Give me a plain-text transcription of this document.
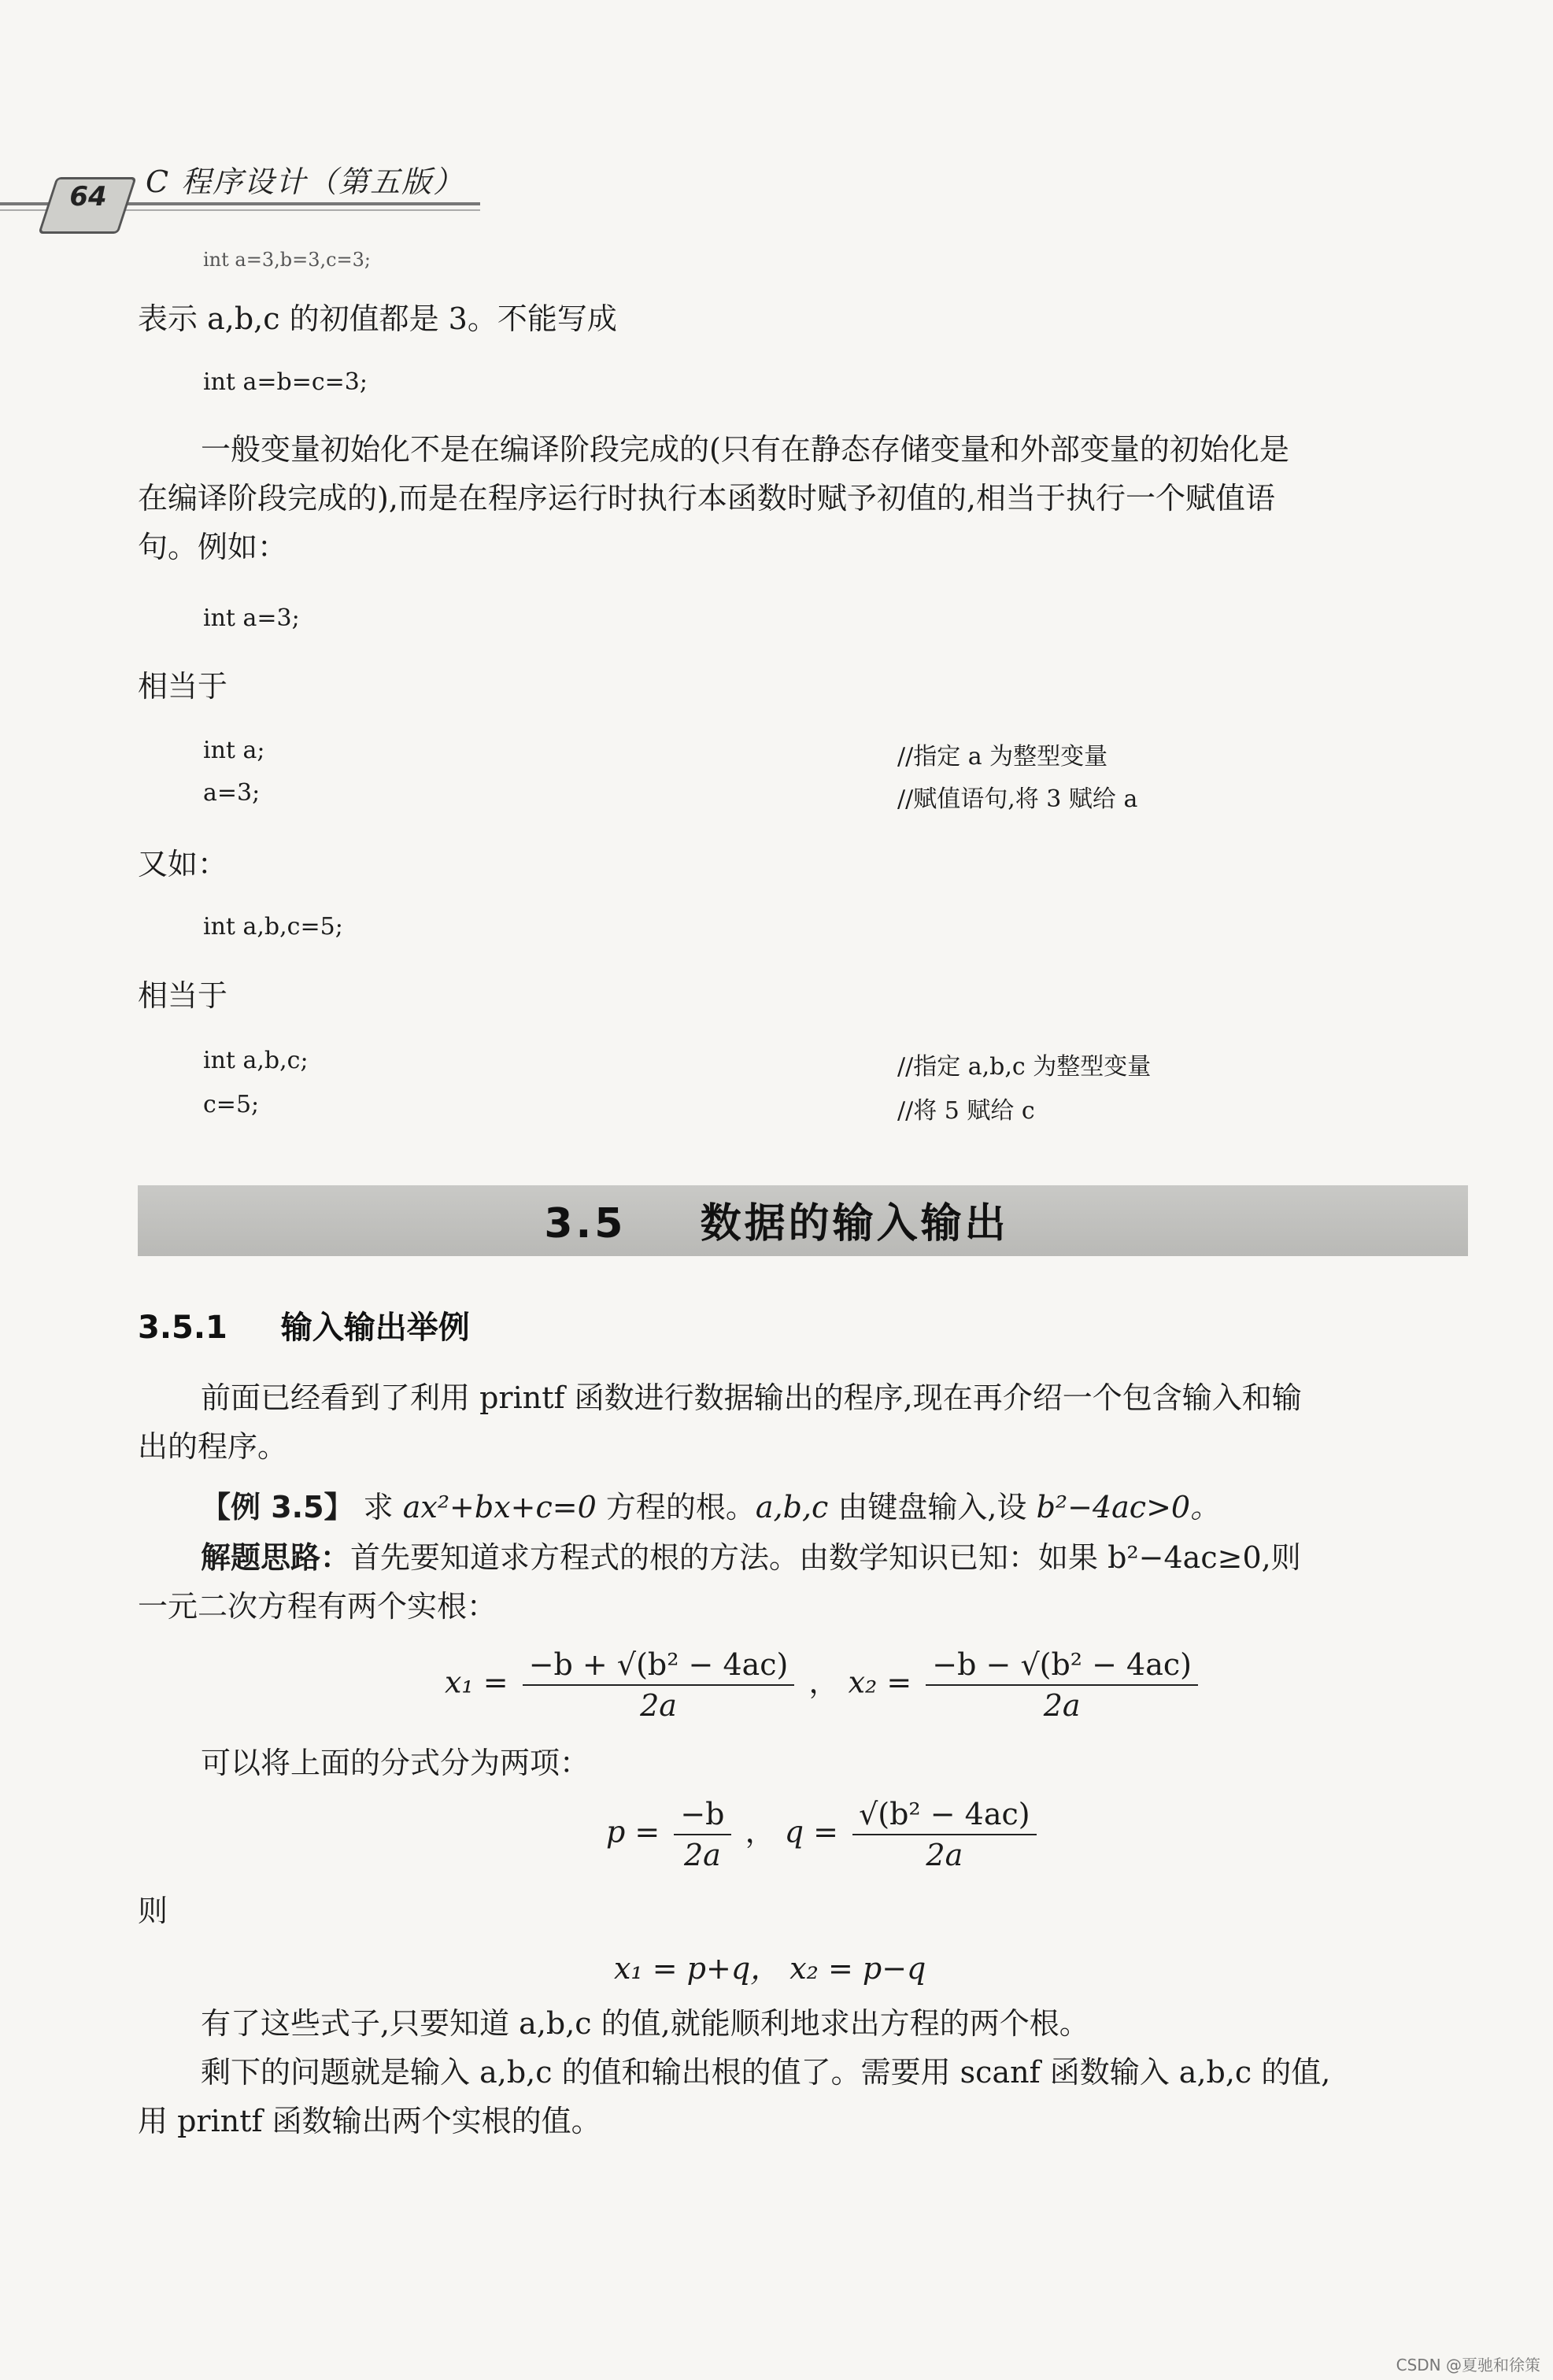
64	C 程序设计（第五版）
int a=3,b=3,c=3;
表示 a,b,c 的初值都是 3。不能写成
int a=b=c=3;
一般变量初始化不是在编译阶段完成的(只有在静态存储变量和外部变量的初始化是
在编译阶段完成的),而是在程序运行时执行本函数时赋予初值的,相当于执行一个赋值语
句。例如：
int a=3;
相当于
int a;	//指定 a 为整型变量
a=3;	//赋值语句,将 3 赋给 a
又如：
int a,b,c=5;
相当于
int a,b,c;	//指定 a,b,c 为整型变量
c=5;	//将 5 赋给 c
3.5 数据的输入输出
3.5.1 输入输出举例
前面已经看到了利用 printf 函数进行数据输出的程序,现在再介绍一个包含输入和输
出的程序。
【例 3.5】 求 ax²+bx+c=0 方程的根。a,b,c 由键盘输入,设 b²−4ac>0。
解题思路：首先要知道求方程式的根的方法。由数学知识已知：如果 b²−4ac≥0,则
一元二次方程有两个实根：
$x_1 = \frac{\text{−b + √(b² − 4ac)}}{2a}$ ， $x_2 = \frac{\text{−b − √(b² − 4ac)}}{2a}$
可以将上面的分式分为两项：
$p = \frac{-b}{2a}$ ， $q = \frac{\text{√(b² − 4ac)}}{2a}$
则
x₁ = p+q， x₂ = p−q
有了这些式子,只要知道 a,b,c 的值,就能顺利地求出方程的两个根。
剩下的问题就是输入 a,b,c 的值和输出根的值了。需要用 scanf 函数输入 a,b,c 的值,
用 printf 函数输出两个实根的值。
CSDN @夏驰和徐策
